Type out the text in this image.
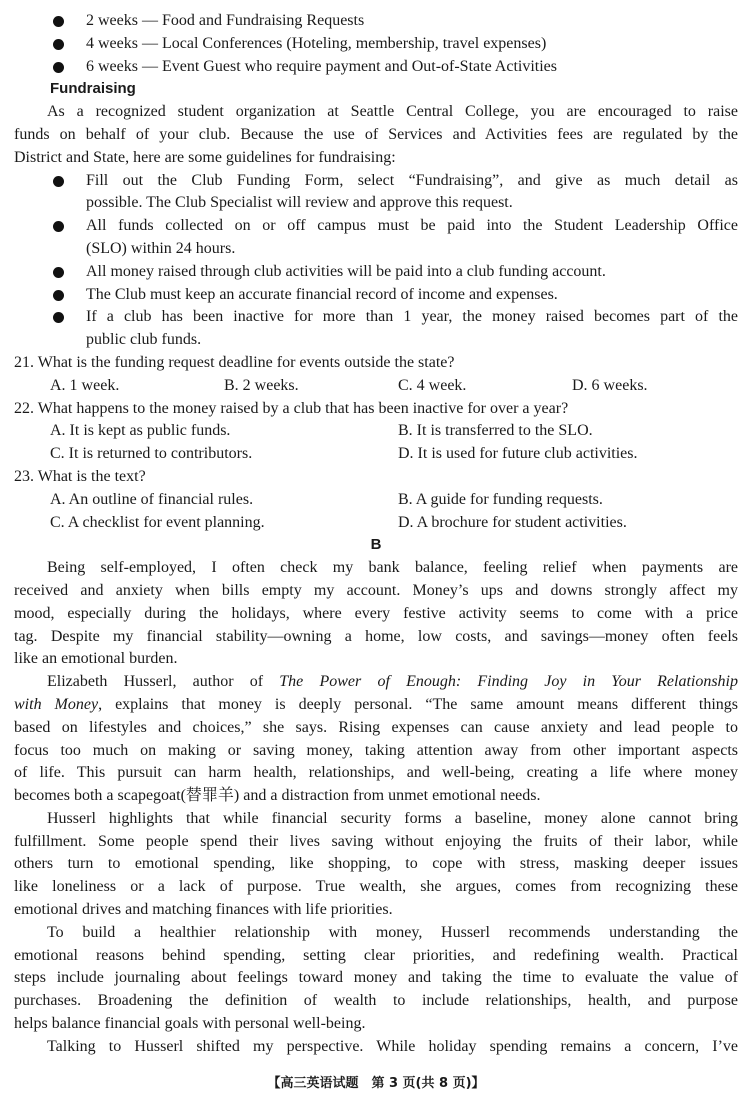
2 weeks — Food and Fundraising Requests
4 weeks — Local Conferences (Hoteling, membership, travel expenses)
6 weeks — Event Guest who require payment and Out-of-State Activities
Fundraising
As a recognized student organization at Seattle Central College, you are encouraged to raise
funds on behalf of your club. Because the use of Services and Activities fees are regulated by the
District and State, here are some guidelines for fundraising:
Fill out the Club Funding Form, select “Fundraising”, and give as much detail as
possible. The Club Specialist will review and approve this request.
All funds collected on or off campus must be paid into the Student Leadership Office
(SLO) within 24 hours.
All money raised through club activities will be paid into a club funding account.
The Club must keep an accurate financial record of income and expenses.
If a club has been inactive for more than 1 year, the money raised becomes part of the
public club funds.
21. What is the funding request deadline for events outside the state?
A. 1 week.	B. 2 weeks.	C. 4 week.	D. 6 weeks.
22. What happens to the money raised by a club that has been inactive for over a year?
A. It is kept as public funds.	B. It is transferred to the SLO.
C. It is returned to contributors.	D. It is used for future club activities.
23. What is the text?
A. An outline of financial rules.	B. A guide for funding requests.
C. A checklist for event planning.	D. A brochure for student activities.
B
Being self-employed, I often check my bank balance, feeling relief when payments are
received and anxiety when bills empty my account. Money’s ups and downs strongly affect my
mood, especially during the holidays, where every festive activity seems to come with a price
tag. Despite my financial stability—owning a home, low costs, and savings—money often feels
like an emotional burden.
Elizabeth Husserl, author of The Power of Enough: Finding Joy in Your Relationship
with Money, explains that money is deeply personal. “The same amount means different things
based on lifestyles and choices,” she says. Rising expenses can cause anxiety and lead people to
focus too much on making or saving money, taking attention away from other important aspects
of life. This pursuit can harm health, relationships, and well-being, creating a life where money
becomes both a scapegoat(替罪羊) and a distraction from unmet emotional needs.
Husserl highlights that while financial security forms a baseline, money alone cannot bring
fulfillment. Some people spend their lives saving without enjoying the fruits of their labor, while
others turn to emotional spending, like shopping, to cope with stress, masking deeper issues
like loneliness or a lack of purpose. True wealth, she argues, comes from recognizing these
emotional drives and matching finances with life priorities.
To build a healthier relationship with money, Husserl recommends understanding the
emotional reasons behind spending, setting clear priorities, and redefining wealth. Practical
steps include journaling about feelings toward money and taking the time to evaluate the value of
purchases. Broadening the definition of wealth to include relationships, health, and purpose
helps balance financial goals with personal well-being.
Talking to Husserl shifted my perspective. While holiday spending remains a concern, I’ve
【高三英语试题　第 3 页(共 8 页)】
